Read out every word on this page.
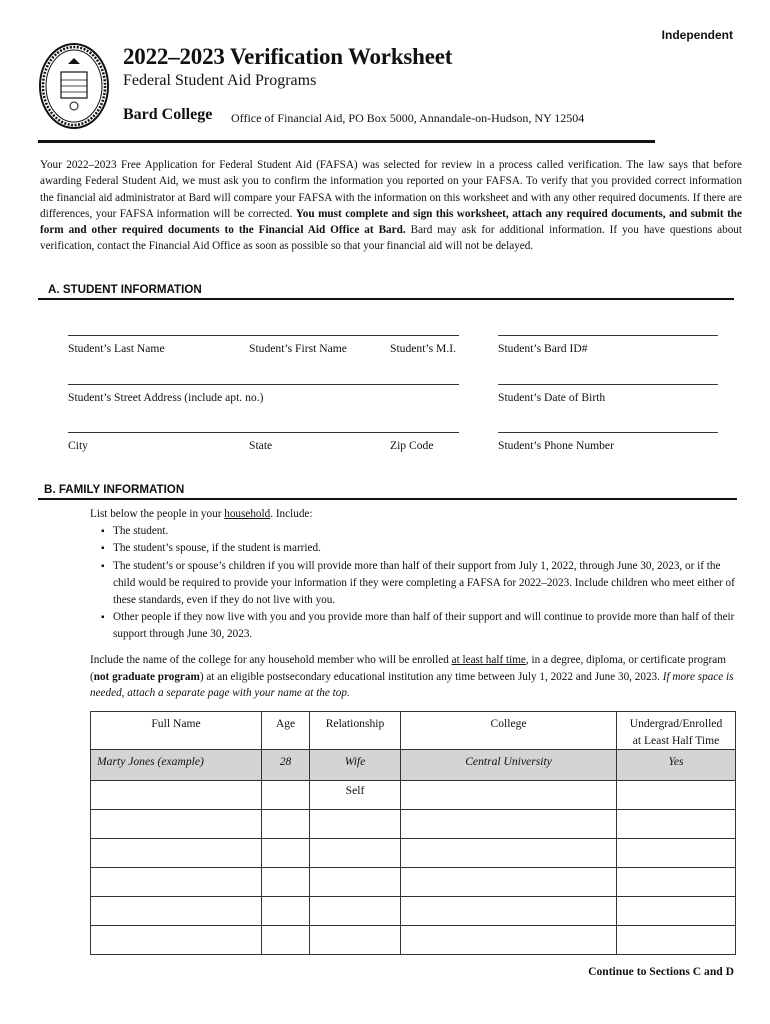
Independent
2022–2023 Verification Worksheet
Federal Student Aid Programs
Bard College Office of Financial Aid, PO Box 5000, Annandale-on-Hudson, NY 12504
Your 2022–2023 Free Application for Federal Student Aid (FAFSA) was selected for review in a process called verification. The law says that before awarding Federal Student Aid, we must ask you to confirm the information you reported on your FAFSA. To verify that you provided correct information the financial aid administrator at Bard will compare your FAFSA with the information on this worksheet and with any other required documents. If there are differences, your FAFSA information will be corrected. You must complete and sign this worksheet, attach any required documents, and submit the form and other required documents to the Financial Aid Office at Bard. Bard may ask for additional information. If you have questions about verification, contact the Financial Aid Office as soon as possible so that your financial aid will not be delayed.
A. STUDENT INFORMATION
Student’s Last Name	Student’s First Name	Student’s M.I.	Student’s Bard ID#
Student’s Street Address (include apt. no.)	Student’s Date of Birth
City	State	Zip Code	Student’s Phone Number
B. FAMILY INFORMATION
List below the people in your household. Include:
▪ The student.
▪ The student’s spouse, if the student is married.
▪ The student’s or spouse’s children if you will provide more than half of their support from July 1, 2022, through June 30, 2023, or if the child would be required to provide your information if they were completing a FAFSA for 2022–2023. Include children who meet either of these standards, even if they do not live with you.
▪ Other people if they now live with you and you provide more than half of their support and will continue to provide more than half of their support through June 30, 2023.
Include the name of the college for any household member who will be enrolled at least half time, in a degree, diploma, or certificate program (not graduate program) at an eligible postsecondary educational institution any time between July 1, 2022 and June 30, 2023. If more space is needed, attach a separate page with your name at the top.
Full Name	Age	Relationship	College	Undergrad/Enrolled
at Least Half Time
Marty Jones (example)	28	Wife	Central University	Yes
		Self		

Continue to Sections C and D
